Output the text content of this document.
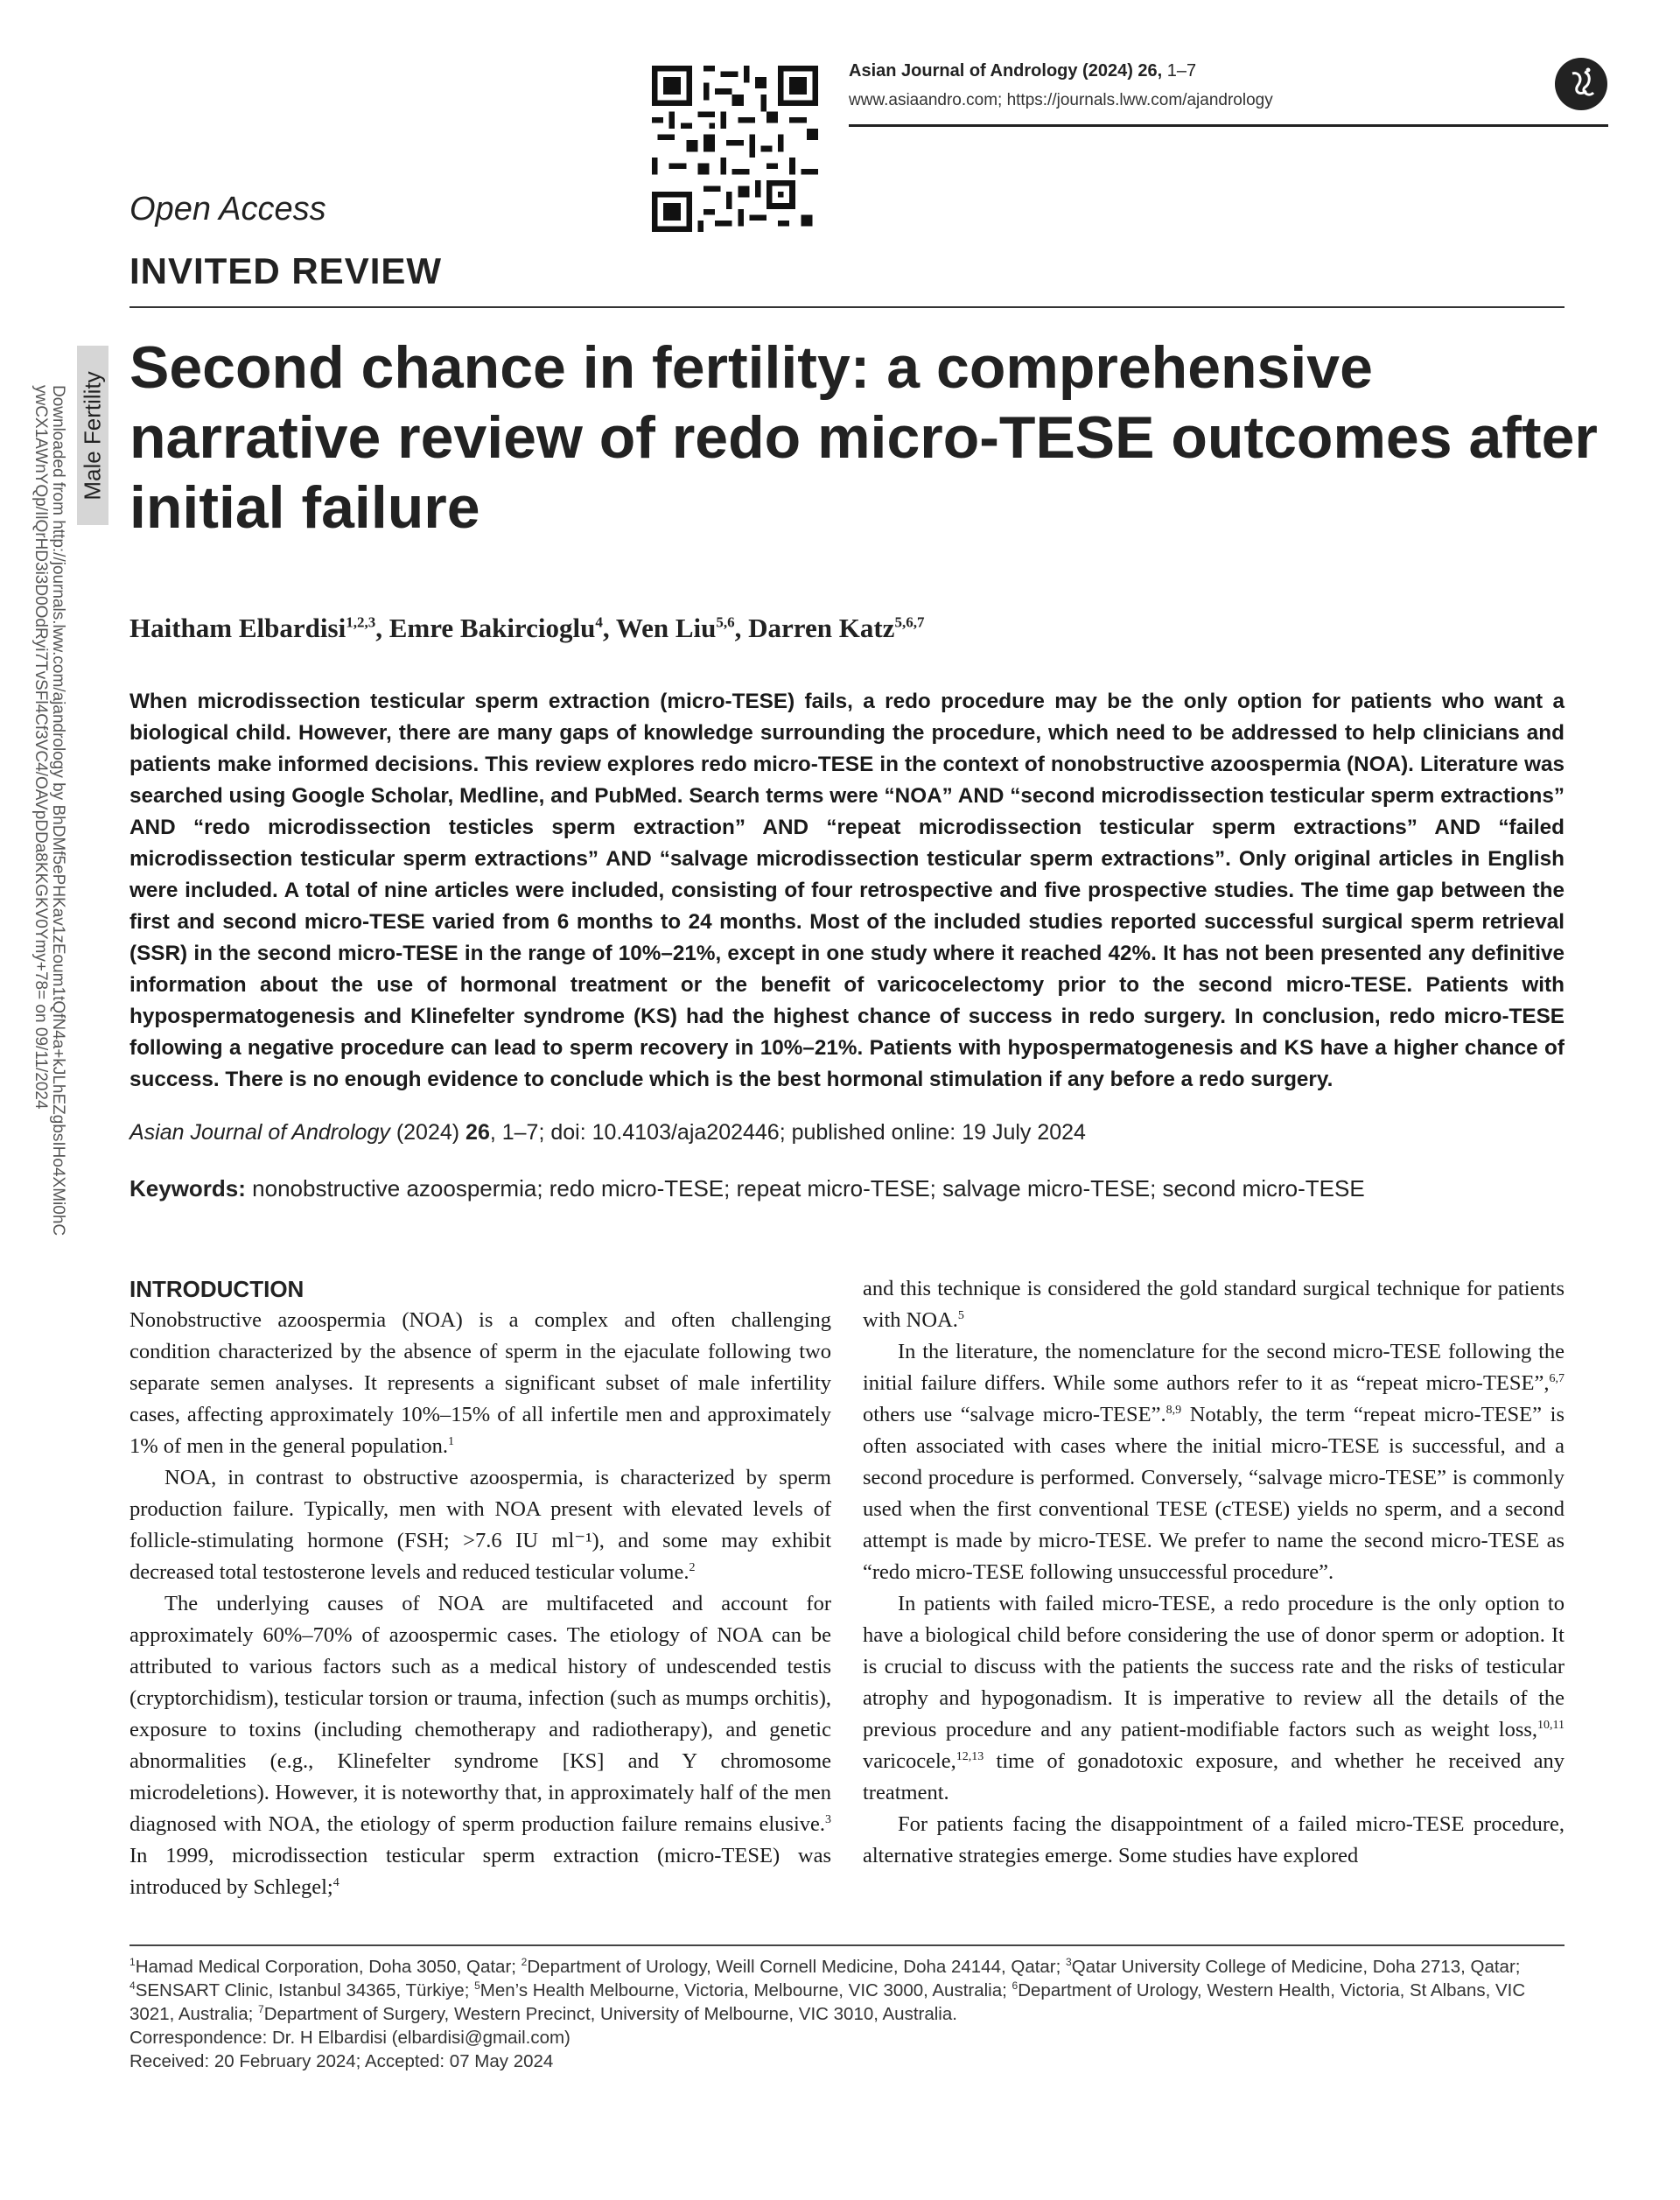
Asian Journal of Andrology (2024) 26, 1–7
www.asiaandro.com; https://journals.lww.com/ajandrology
Open Access
INVITED REVIEW
Second chance in fertility: a comprehensive
narrative review of redo micro-TESE outcomes after
initial failure
Male Fertility
Downloaded from http://journals.lww.com/ajandrology by BhDMf5ePHKav1zEoum1tQfN4a+kJLhEZgbsIHo4XMi0hC
ywCX1AWnYQp/IlQrHD3i3D0OdRyi7TvSFl4Cf3VC4/OAVpDDa8KKGKV0Ymy+78= on 09/11/2024	Haitham Elbardisi$^{1,2,3}$, Emre Bakircioglu$^4$, Wen Liu$^{5,6}$, Darren Katz$^{5,6,7}$
When microdissection testicular sperm extraction (micro-TESE) fails, a redo procedure may be the only option for patients who want a biological child. However, there are many gaps of knowledge surrounding the procedure, which need to be addressed to help clinicians and patients make informed decisions. This review explores redo micro-TESE in the context of nonobstructive azoospermia (NOA). Literature was searched using Google Scholar, Medline, and PubMed. Search terms were “NOA” AND “second microdissection testicular sperm extractions” AND “redo microdissection testicles sperm extraction” AND “repeat microdissection testicular sperm extractions” AND “failed microdissection testicular sperm extractions” AND “salvage microdissection testicular sperm extractions”. Only original articles in English were included. A total of nine articles were included, consisting of four retrospective and five prospective studies. The time gap between the first and second micro-TESE varied from 6 months to 24 months. Most of the included studies reported successful surgical sperm retrieval (SSR) in the second micro-TESE in the range of 10%–21%, except in one study where it reached 42%. It has not been presented any definitive information about the use of hormonal treatment or the benefit of varicocelectomy prior to the second micro-TESE. Patients with hypospermatogenesis and Klinefelter syndrome (KS) had the highest chance of success in redo surgery. In conclusion, redo micro-TESE following a negative procedure can lead to sperm recovery in 10%–21%. Patients with hypospermatogenesis and KS have a higher chance of success. There is no enough evidence to conclude which is the best hormonal stimulation if any before a redo surgery.
Asian Journal of Andrology (2024) 26, 1–7; doi: 10.4103/aja202446; published online: 19 July 2024
Keywords: nonobstructive azoospermia; redo micro-TESE; repeat micro-TESE; salvage micro-TESE; second micro-TESE

INTRODUCTION

Nonobstructive azoospermia (NOA) is a complex and often challenging condition characterized by the absence of sperm in the ejaculate following two separate semen analyses. It represents a significant subset of male infertility cases, affecting approximately 10%–15% of all infertile men and approximately 1% of men in the general population.$^1$

NOA, in contrast to obstructive azoospermia, is characterized by sperm production failure. Typically, men with NOA present with elevated levels of follicle-stimulating hormone (FSH; >7.6 IU ml⁻¹), and some may exhibit decreased total testosterone levels and reduced testicular volume.$^2$

The underlying causes of NOA are multifaceted and account for approximately 60%–70% of azoospermic cases. The etiology of NOA can be attributed to various factors such as a medical history of undescended testis (cryptorchidism), testicular torsion or trauma, infection (such as mumps orchitis), exposure to toxins (including chemotherapy and radiotherapy), and genetic abnormalities (e.g., Klinefelter syndrome [KS] and Y chromosome microdeletions). However, it is noteworthy that, in approximately half of the men diagnosed with NOA, the etiology of sperm production failure remains elusive.$^3$ In 1999, microdissection testicular sperm extraction (micro-TESE) was introduced by Schlegel;$^4$

and this technique is considered the gold standard surgical technique for patients with NOA.$^5$

In the literature, the nomenclature for the second micro-TESE following the initial failure differs. While some authors refer to it as “repeat micro-TESE”,$^{6,7}$ others use “salvage micro-TESE”.$^{8,9}$ Notably, the term “repeat micro-TESE” is often associated with cases where the initial micro-TESE is successful, and a second procedure is performed. Conversely, “salvage micro-TESE” is commonly used when the first conventional TESE (cTESE) yields no sperm, and a second attempt is made by micro-TESE. We prefer to name the second micro-TESE as “redo micro-TESE following unsuccessful procedure”.

In patients with failed micro-TESE, a redo procedure is the only option to have a biological child before considering the use of donor sperm or adoption. It is crucial to discuss with the patients the success rate and the risks of testicular atrophy and hypogonadism. It is imperative to review all the details of the previous procedure and any patient-modifiable factors such as weight loss,$^{10,11}$ varicocele,$^{12,13}$ time of gonadotoxic exposure, and whether he received any treatment.

For patients facing the disappointment of a failed micro-TESE procedure, alternative strategies emerge. Some studies have explored

$^1$Hamad Medical Corporation, Doha 3050, Qatar; $^2$Department of Urology, Weill Cornell Medicine, Doha 24144, Qatar; $^3$Qatar University College of Medicine, Doha 2713, Qatar; $^4$SENSART Clinic, Istanbul 34365, Türkiye; $^5$Men’s Health Melbourne, Victoria, Melbourne, VIC 3000, Australia; $^6$Department of Urology, Western Health, Victoria, St Albans, VIC 3021, Australia; $^7$Department of Surgery, Western Precinct, University of Melbourne, VIC 3010, Australia.
Correspondence: Dr. H Elbardisi (elbardisi@gmail.com)
Received: 20 February 2024; Accepted: 07 May 2024
